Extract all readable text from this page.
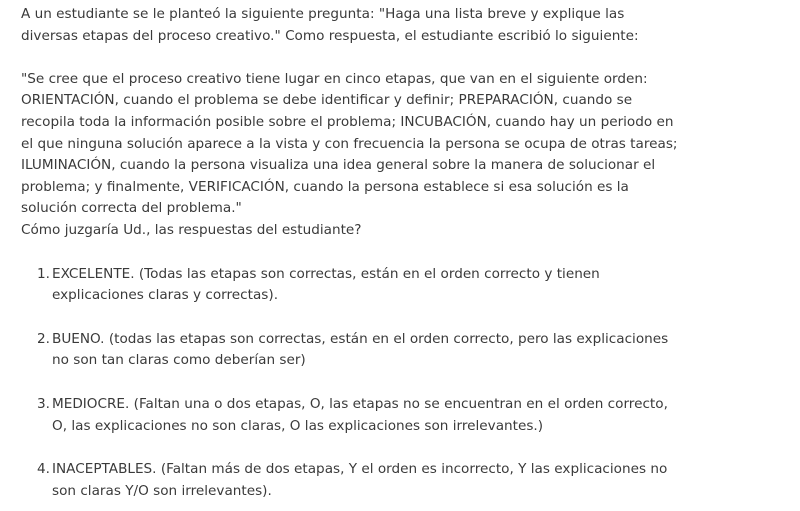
A un estudiante se le planteó la siguiente pregunta: "Haga una lista breve y explique las diversas etapas del proceso creativo." Como respuesta, el estudiante escribió lo siguiente:

"Se cree que el proceso creativo tiene lugar en cinco etapas, que van en el siguiente orden: ORIENTACIÓN, cuando el problema se debe identificar y definir; PREPARACIÓN, cuando se recopila toda la información posible sobre el problema; INCUBACIÓN, cuando hay un periodo en el que ninguna solución aparece a la vista y con frecuencia la persona se ocupa de otras tareas; ILUMINACIÓN, cuando la persona visualiza una idea general sobre la manera de solucionar el problema; y finalmente, VERIFICACIÓN, cuando la persona establece si esa solución es la solución correcta del problema."

Cómo juzgaría Ud., las respuestas del estudiante?

1. EXCELENTE. (Todas las etapas son correctas, están en el orden correcto y tienen explicaciones claras y correctas).
2. BUENO. (todas las etapas son correctas, están en el orden correcto, pero las explicaciones no son tan claras como deberían ser)
3. MEDIOCRE. (Faltan una o dos etapas, O, las etapas no se encuentran en el orden correcto, O, las explicaciones no son claras, O las explicaciones son irrelevantes.)
4. INACEPTABLES. (Faltan más de dos etapas, Y el orden es incorrecto, Y las explicaciones no son claras Y/O son irrelevantes).
